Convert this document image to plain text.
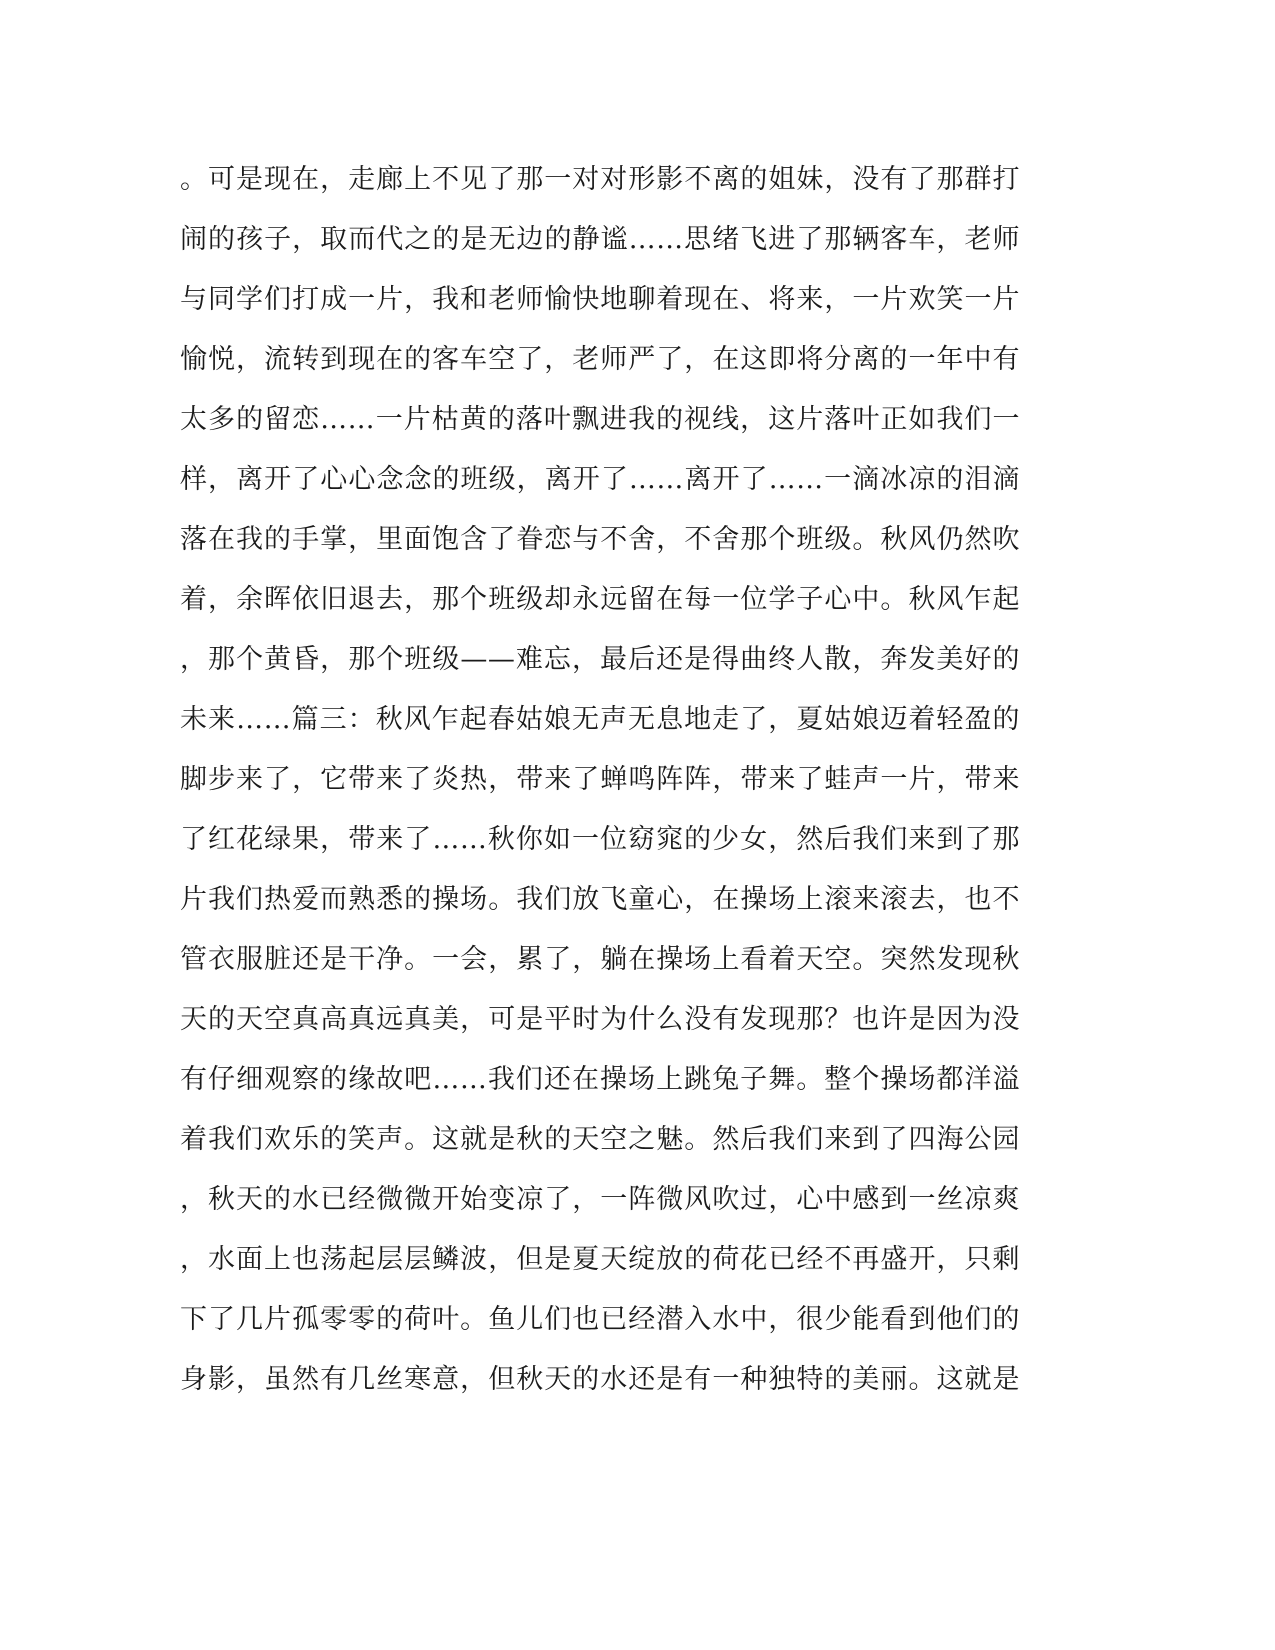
。可是现在，走廊上不见了那一对对形影不离的姐妹，没有了那群打
闹的孩子，取而代之的是无边的静谧……思绪飞进了那辆客车，老师
与同学们打成一片，我和老师愉快地聊着现在、将来，一片欢笑一片
愉悦，流转到现在的客车空了，老师严了，在这即将分离的一年中有
太多的留恋……一片枯黄的落叶飘进我的视线，这片落叶正如我们一
样，离开了心心念念的班级，离开了……离开了……一滴冰凉的泪滴
落在我的手掌，里面饱含了眷恋与不舍，不舍那个班级。秋风仍然吹
着，余晖依旧退去，那个班级却永远留在每一位学子心中。秋风乍起
，那个黄昏，那个班级——难忘，最后还是得曲终人散，奔发美好的
未来……篇三：秋风乍起春姑娘无声无息地走了，夏姑娘迈着轻盈的
脚步来了，它带来了炎热，带来了蝉鸣阵阵，带来了蛙声一片，带来
了红花绿果，带来了……秋你如一位窈窕的少女，然后我们来到了那
片我们热爱而熟悉的操场。我们放飞童心，在操场上滚来滚去，也不
管衣服脏还是干净。一会，累了，躺在操场上看着天空。突然发现秋
天的天空真高真远真美，可是平时为什么没有发现那？也许是因为没
有仔细观察的缘故吧……我们还在操场上跳兔子舞。整个操场都洋溢
着我们欢乐的笑声。这就是秋的天空之魅。然后我们来到了四海公园
，秋天的水已经微微开始变凉了，一阵微风吹过，心中感到一丝凉爽
，水面上也荡起层层鳞波，但是夏天绽放的荷花已经不再盛开，只剩
下了几片孤零零的荷叶。鱼儿们也已经潜入水中，很少能看到他们的
身影，虽然有几丝寒意，但秋天的水还是有一种独特的美丽。这就是
